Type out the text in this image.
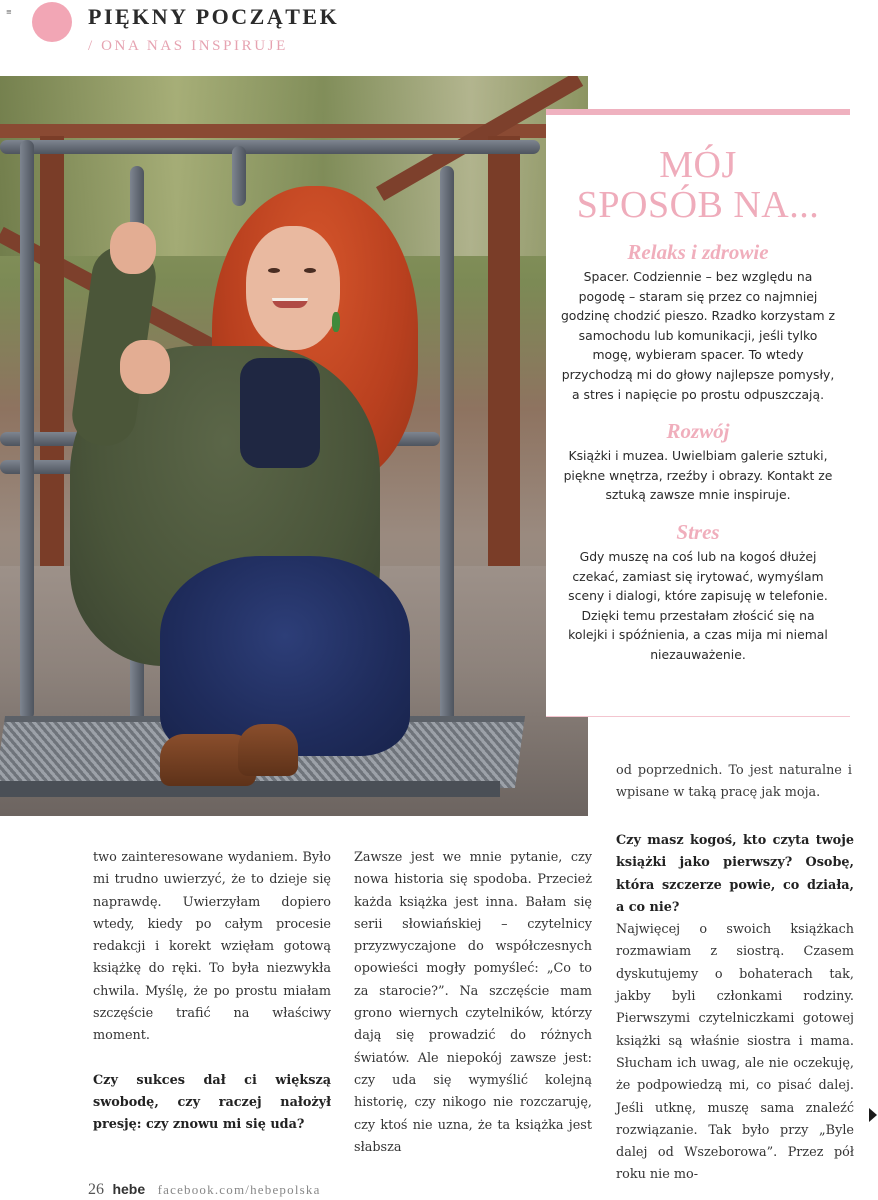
≡	PIĘKNY POCZĄTEK
/ ONA NAS INSPIRUJE
MÓJ
SPOSÓB NA...
Relaks i zdrowie
Spacer. Codziennie – bez względu na pogodę – staram się przez co najmniej godzinę chodzić pieszo. Rzadko korzystam z samochodu lub komunikacji, jeśli tylko mogę, wybieram spacer. To wtedy przychodzą mi do głowy najlepsze pomysły, a stres i napięcie po prostu odpuszczają.
Rozwój
Książki i muzea. Uwielbiam galerie sztuki, piękne wnętrza, rzeźby i obrazy. Kontakt ze sztuką zawsze mnie inspiruje.
Stres
Gdy muszę na coś lub na kogoś dłużej czekać, zamiast się irytować, wymyślam sceny i dialogi, które zapisuję w telefonie. Dzięki temu przestałam złościć się na kolejki i spóźnienia, a czas mija mi niemal niezauważenie.
od poprzednich. To jest naturalne i wpisane w taką pracę jak moja.

two zainteresowane wydaniem. Było mi trudno uwierzyć, że to dzieje się naprawdę. Uwierzyłam dopiero wtedy, kiedy po całym procesie redakcji i korekt wzięłam gotową książkę do ręki. To była niezwykła chwila. Myślę, że po prostu miałam szczęście trafić na właściwy moment.

Czy sukces dał ci większą swobodę, czy raczej nałożył presję: czy znowu mi się uda?

Zawsze jest we mnie pytanie, czy nowa historia się spodoba. Przecież każda książka jest inna. Bałam się serii słowiańskiej – czytelnicy przyzwyczajone do współczesnych opowieści mogły pomyśleć: „Co to za starocie?”. Na szczęście mam grono wiernych czytelników, którzy dają się prowadzić do różnych światów. Ale niepokój zawsze jest: czy uda się wymyślić kolejną historię, czy nikogo nie rozczaruję, czy ktoś nie uzna, że ta książka jest słabsza

Czy masz kogoś, kto czyta twoje książki jako pierwszy? Osobę, która szczerze powie, co działa, a co nie?

Najwięcej o swoich książkach rozmawiam z siostrą. Czasem dyskutujemy o bohaterach tak, jakby byli członkami rodziny. Pierwszymi czytelniczkami gotowej książki są właśnie siostra i mama. Słucham ich uwag, ale nie oczekuję, że podpowiedzą mi, co pisać dalej. Jeśli utknę, muszę sama znaleźć rozwiązanie. Tak było przy „Byle dalej od Wszeborowa”. Przez pół roku nie mo-

26 hebe facebook.com/hebepolska
